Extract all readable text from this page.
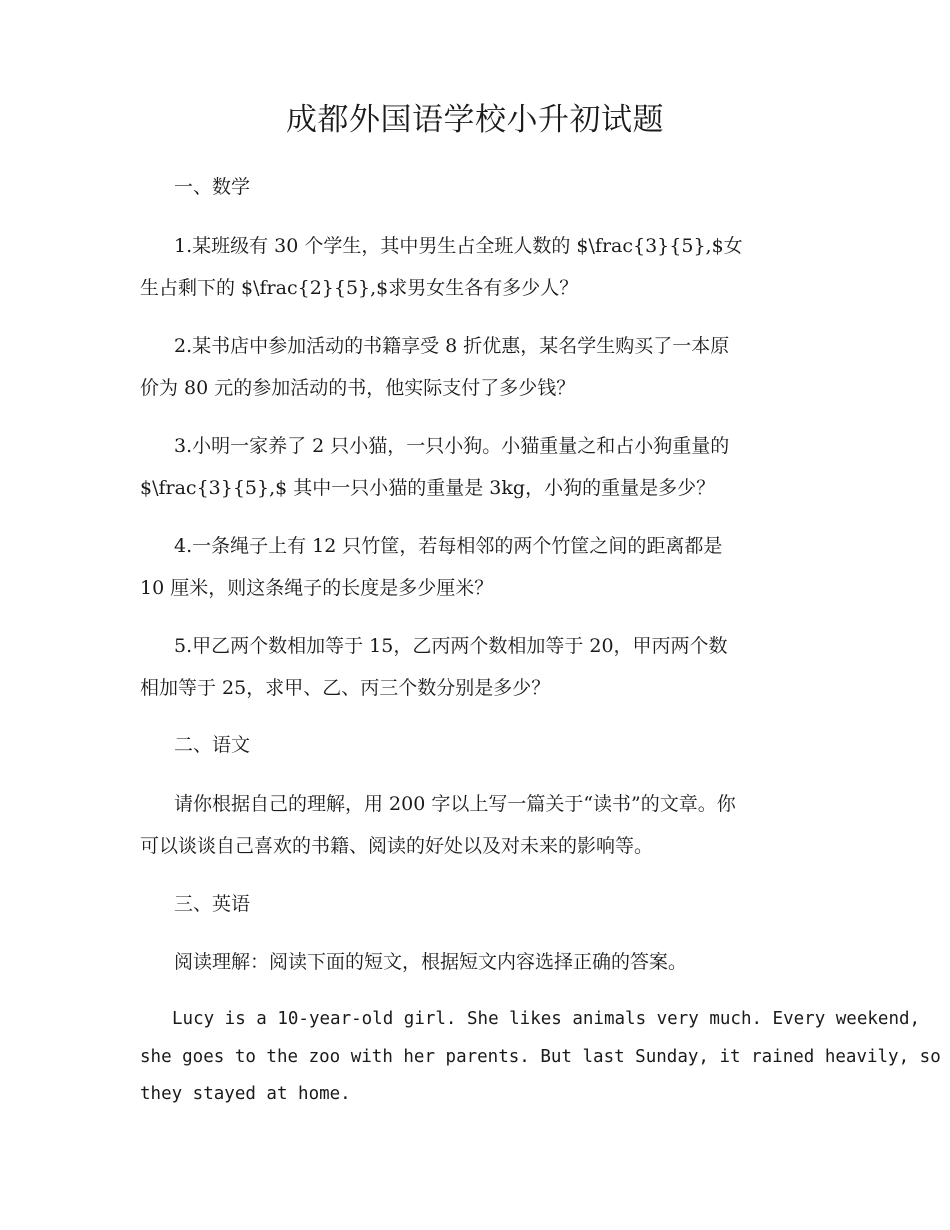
成都外国语学校小升初试题
一、数学
1.某班级有 30 个学生，其中男生占全班人数的 $\frac{3}{5},$女
生占剩下的 $\frac{2}{5},$求男女生各有多少人？
2.某书店中参加活动的书籍享受 8 折优惠，某名学生购买了一本原
价为 80 元的参加活动的书，他实际支付了多少钱？
3.小明一家养了 2 只小猫，一只小狗。小猫重量之和占小狗重量的
$\frac{3}{5},$ 其中一只小猫的重量是 3kg，小狗的重量是多少？
4.一条绳子上有 12 只竹筐，若每相邻的两个竹筐之间的距离都是
10 厘米，则这条绳子的长度是多少厘米？
5.甲乙两个数相加等于 15，乙丙两个数相加等于 20，甲丙两个数
相加等于 25，求甲、乙、丙三个数分别是多少？
二、语文
请你根据自己的理解，用 200 字以上写一篇关于“读书”的文章。你
可以谈谈自己喜欢的书籍、阅读的好处以及对未来的影响等。
三、英语
阅读理解：阅读下面的短文，根据短文内容选择正确的答案。
Lucy is a 10-year-old girl. She likes animals very much. Every weekend,
she goes to the zoo with her parents. But last Sunday, it rained heavily, so
they stayed at home.
